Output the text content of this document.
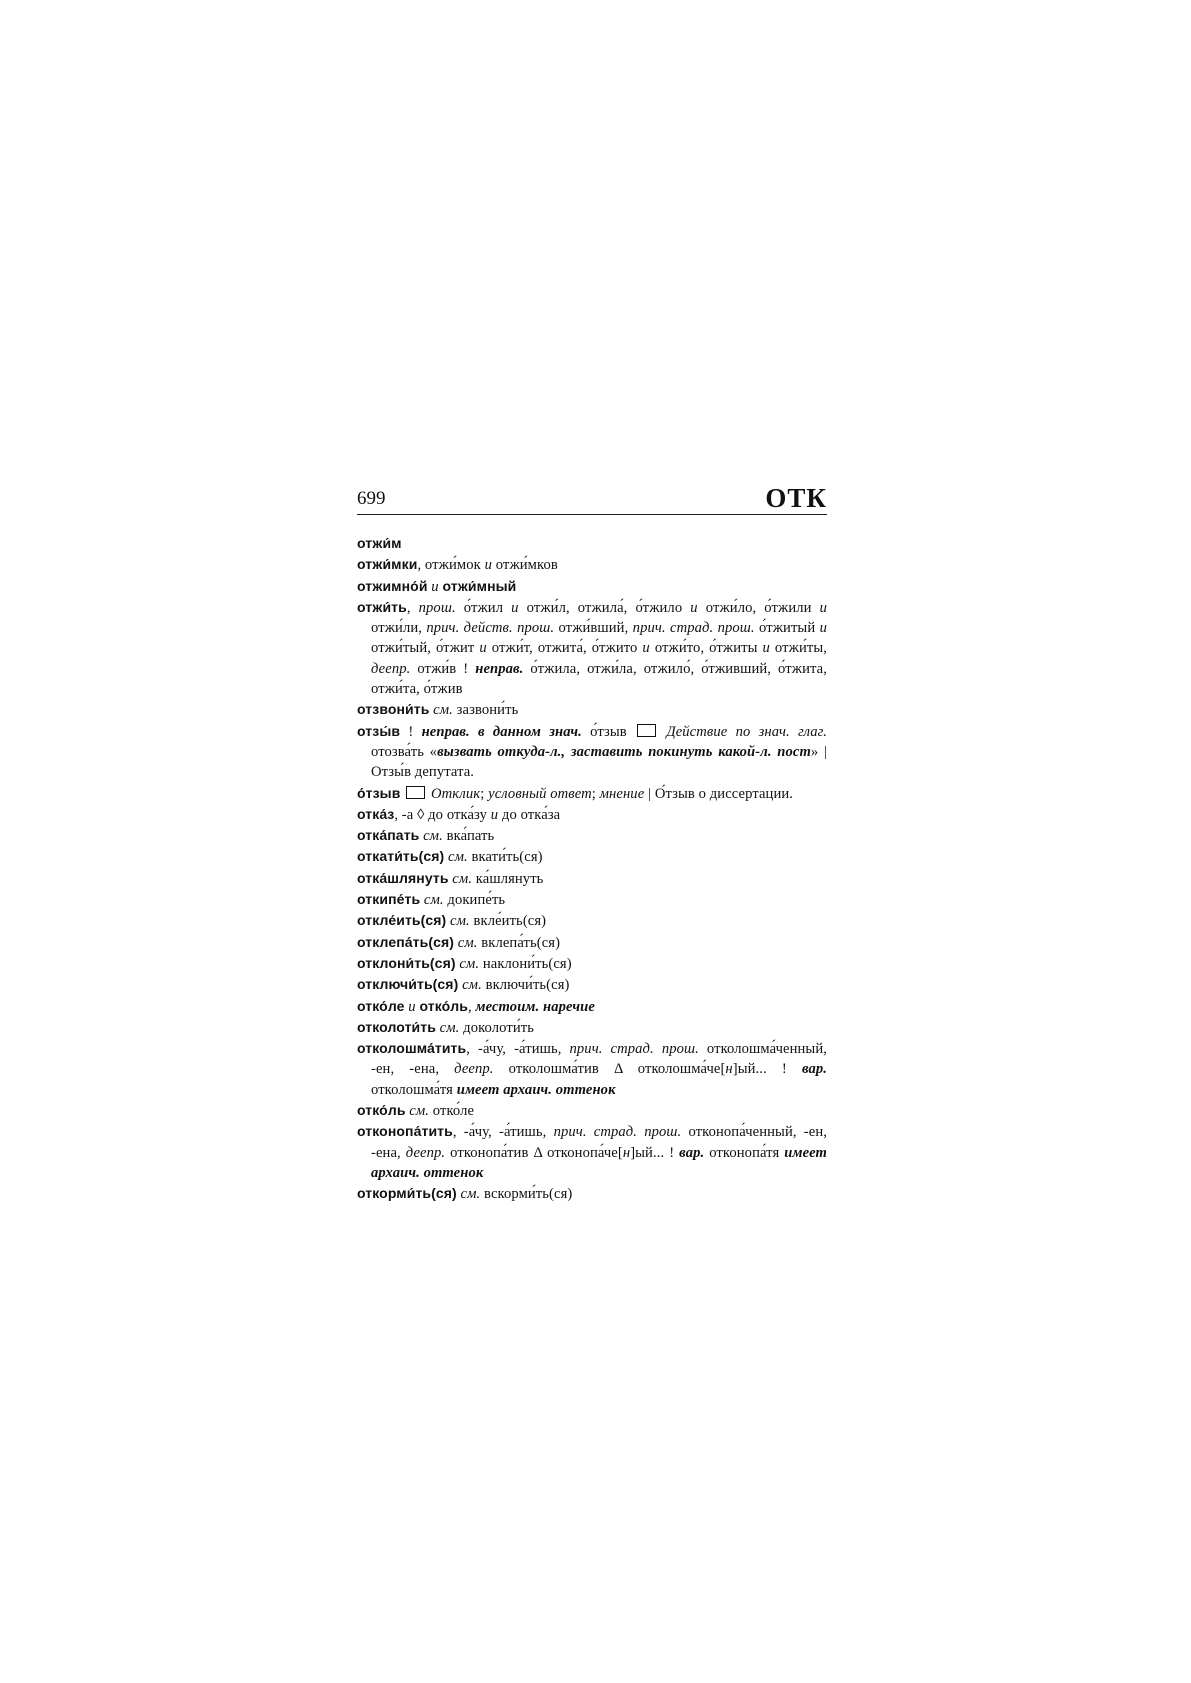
699	ОТК
отжи́м
отжи́мки, отжи́мок и отжи́мков
отжимно́й и отжи́мный
отжи́ть, прош. о́тжил и отжи́л, отжила́, о́тжило и отжи́ло, о́тжили и отжи́ли, прич. действ. прош. отжи́вший, прич. страд. прош. о́тжитый и отжи́тый, о́тжит и отжи́т, отжита́, о́тжито и отжи́то, о́тжиты и отжи́ты, деепр. отжи́в ! неправ. о́тжила, отжи́ла, отжило́, о́тживший, о́тжита, отжи́та, о́тжив
отзвони́ть см. зазвони́ть
отзы́в ! неправ. в данном знач. о́тзыв  Действие по знач. глаг. отозва́ть «вызвать откуда-л., заставить покинуть какой-л. пост» | Отзы́в депутата.
о́тзыв Отклик; условный ответ; мнение | О́тзыв о диссертации.
отка́з, -а ◊ до отка́зу и до отка́за
отка́пать см. вка́пать
откати́ть(ся) см. вкати́ть(ся)
отка́шлянуть см. ка́шлянуть
откипе́ть см. докипе́ть
откле́ить(ся) см. вкле́ить(ся)
отклепа́ть(ся) см. вклепа́ть(ся)
отклони́ть(ся) см. наклони́ть(ся)
отключи́ть(ся) см. включи́ть(ся)
отко́ле и отко́ль, местоим. наречие
отколоти́ть см. доколоти́ть
отколошма́тить, -а́чу, -а́тишь, прич. страд. прош. отколошма́ченный, -ен, -ена, деепр. отколошма́тив Δ отколошма́че[н]ый... ! вар. отколошма́тя имеет архаич. оттенок
отко́ль см. отко́ле
отконопа́тить, -а́чу, -а́тишь, прич. страд. прош. отконопа́ченный, -ен, -ена, деепр. отконопа́тив Δ отконопа́че[н]ый... ! вар. отконопа́тя имеет архаич. оттенок
откорми́ть(ся) см. вскорми́ть(ся)
